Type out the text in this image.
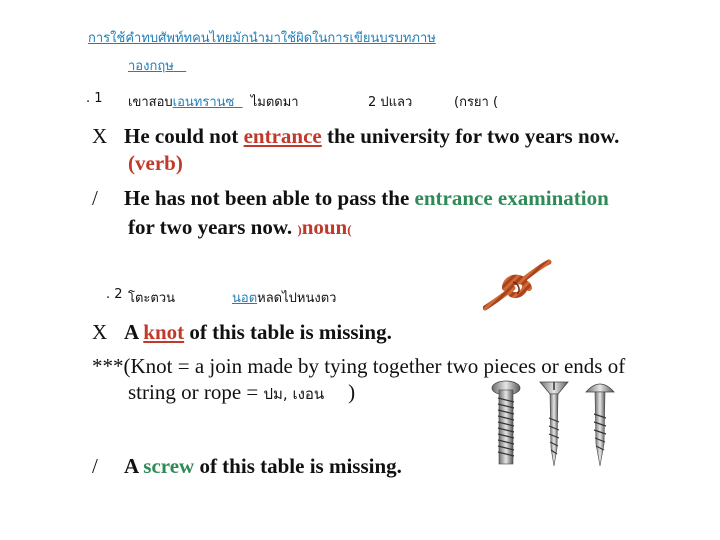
การใช้คำทบศัพท์ทคนไทยมักนำมาใช้ผิดในการเขียนบรบทภาษ
าองกฤษ
. 1 เขาสอบเอนทรานซ ไมตดมา	2 ปแลว	(กรยา (
X He could not entrance the university for two years now.
(verb)
/ He has not been able to pass the entrance examination
for two years now. )noun(
. 2 โตะตวน	นอตหลดไปหนงตว
X A knot of this table is missing.
***(Knot = a join made by tying together two pieces or ends of
string or rope = ปม, เงอน )
/ A screw of this table is missing.
